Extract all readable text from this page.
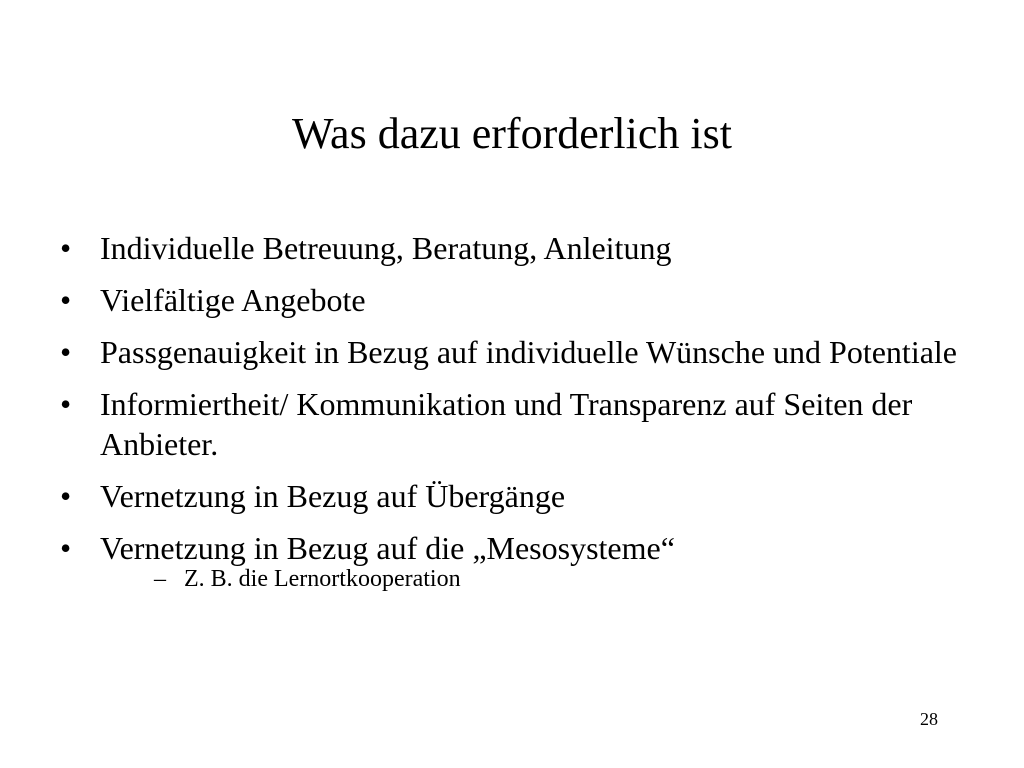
Was dazu erforderlich ist
• Individuelle Betreuung, Beratung, Anleitung
• Vielfältige Angebote
• Passgenauigkeit in Bezug auf individuelle Wünsche und Potentiale
• Informiertheit/ Kommunikation und Transparenz auf Seiten der Anbieter.
• Vernetzung in Bezug auf Übergänge
• Vernetzung in Bezug auf die „Mesosysteme“
– Z. B. die Lernortkooperation
28
